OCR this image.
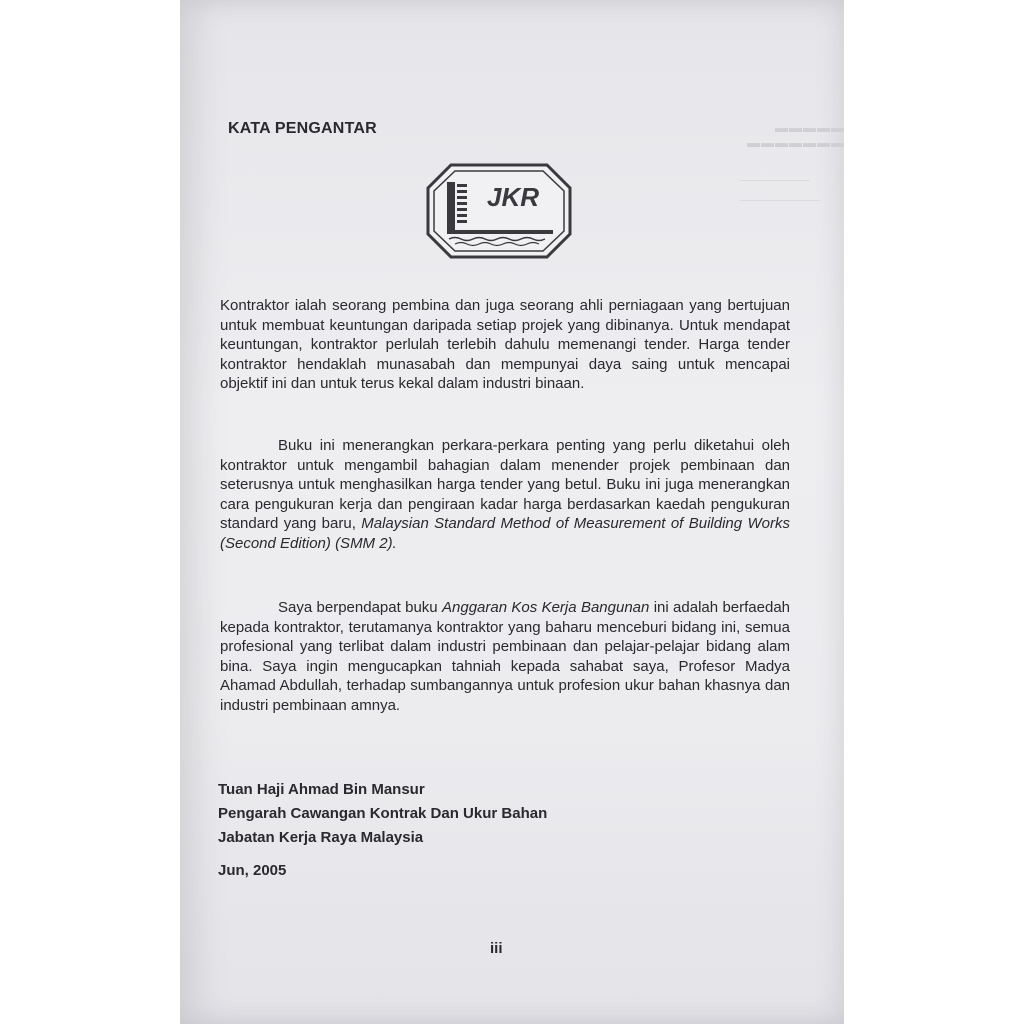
▬▬▬▬▬ ▬▬▬▬▬▬▬
KATA PENGANTAR
JKR

Kontraktor ialah seorang pembina dan juga seorang ahli perniagaan yang bertujuan untuk membuat keuntungan daripada setiap projek yang dibinanya. Untuk mendapat keuntungan, kontraktor perlulah terlebih dahulu memenangi tender. Harga tender kontraktor hendaklah munasabah dan mempunyai daya saing untuk mencapai objektif ini dan untuk terus kekal dalam industri binaan.

Buku ini menerangkan perkara-perkara penting yang perlu diketahui oleh kontraktor untuk mengambil bahagian dalam menender projek pembinaan dan seterusnya untuk menghasilkan harga tender yang betul. Buku ini juga menerangkan cara pengukuran kerja dan pengiraan kadar harga berdasarkan kaedah pengukuran standard yang baru, Malaysian Standard Method of Measurement of Building Works (Second Edition) (SMM 2).

Saya berpendapat buku Anggaran Kos Kerja Bangunan ini adalah berfaedah kepada kontraktor, terutamanya kontraktor yang baharu menceburi bidang ini, semua profesional yang terlibat dalam industri pembinaan dan pelajar-pelajar bidang alam bina. Saya ingin mengucapkan tahniah kepada sahabat saya, Profesor Madya Ahamad Abdullah, terhadap sumbangannya untuk profesion ukur bahan khasnya dan industri pembinaan amnya.

Tuan Haji Ahmad Bin Mansur
Pengarah Cawangan Kontrak Dan Ukur Bahan
Jabatan Kerja Raya Malaysia
Jun, 2005
iii
